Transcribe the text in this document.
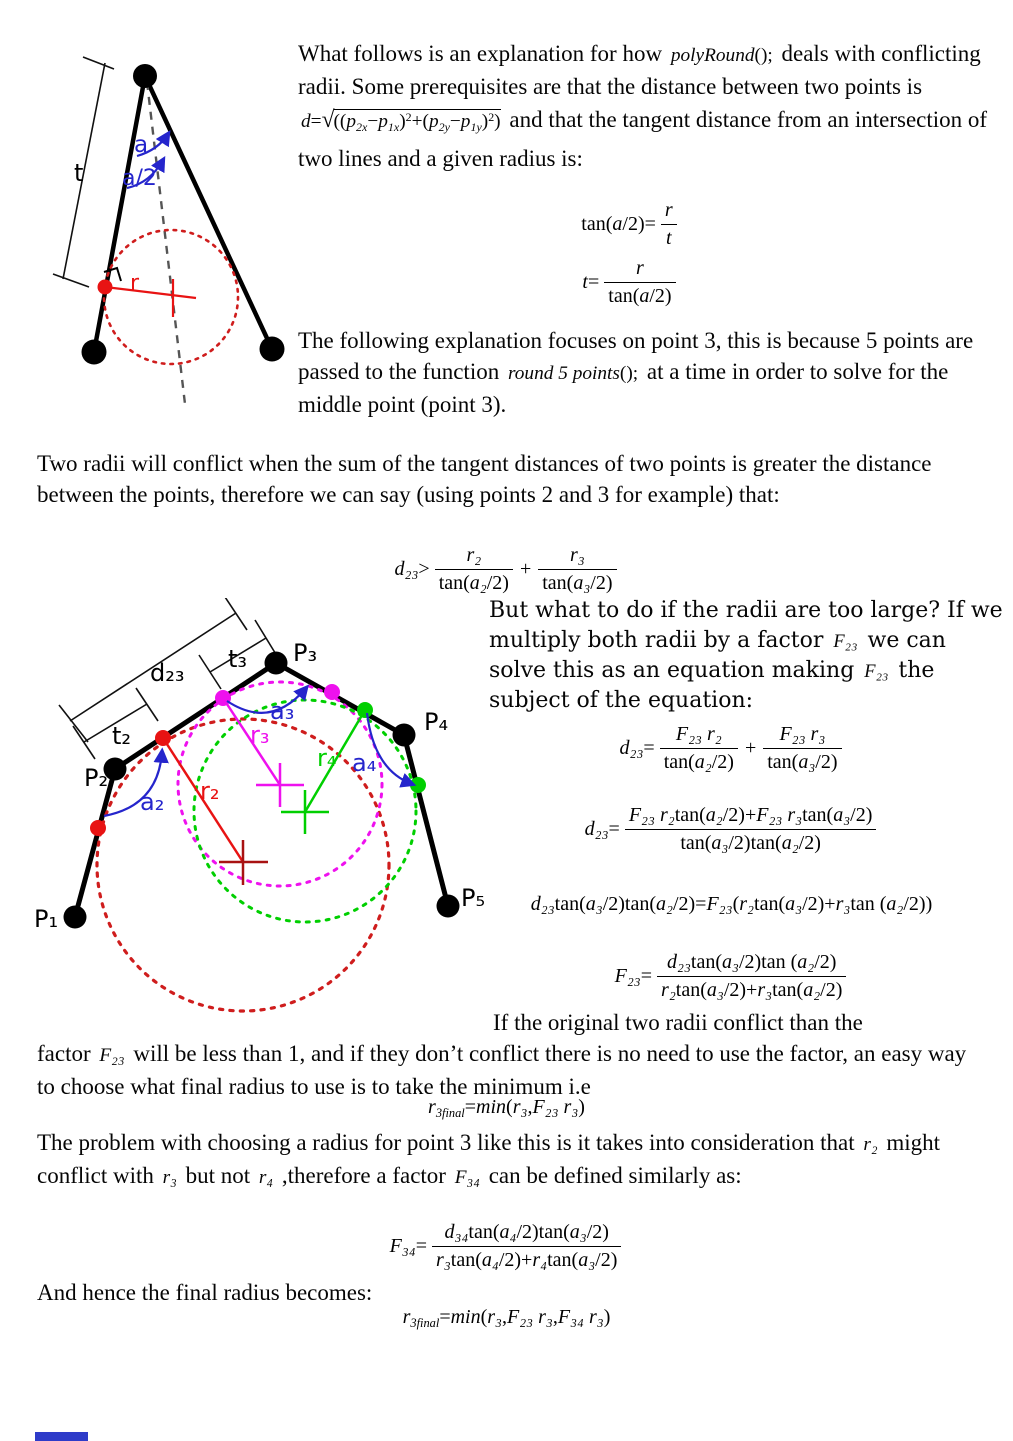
t
a
a/2
r

What follows is an explanation for how polyRound(); deals with conflicting radii. Some prerequisites are that the distance between two points is $d=√((p2x-p1x)^2+(p2y-p1y)^2)$ and that the tangent distance from an intersection of two lines and a given radius is:

$\tan(a/2)= \frac{r}{t}$
$t= \frac{r}{\tan(a/2)}$

The following explanation focuses on point 3, this is because 5 points are passed to the function round 5 points(); at a time in order to solve for the middle point (point 3).

Two radii will conflict when the sum of the tangent distances of two points is greater the distance between the points, therefore we can say (using points 2 and 3 for example) that:

$d_{23}> \frac{\text{r₂}}{\text{tan(a₂/2)}} + \frac{\text{r₃}}{\text{tan(a₃/2)}}$
d₂₃ t₃
t₂
P₁
P₂
P₃
P₄
P₅
a₂
a₃
a₄
r₂
r₃
r₄

But what to do if the radii are too large? If we multiply both radii by a factor F₂₃ we can solve this as an equation making F₂₃ the subject of the equation:

$d_{23}= \frac{\text{F₂₃ r₂}}{\text{tan(a₂/2)}} + \frac{\text{F₂₃ r₃}}{\text{tan(a₃/2)}}$
$d_{23}= \frac{\text{F₂₃ r₂tan(a₂/2)+F₂₃ r₃tan(a₃/2)}}{\text{tan(a₃/2)tan(a₂/2)}}$
d₂₃tan(a₃/2)tan(a₂/2)=F₂₃(r₂tan(a₃/2)+r₃tan (a₂/2))
$F_{23}= \frac{\text{d₂₃tan(a₃/2)tan (a₂/2)}}{\text{r₂tan(a₃/2)+r₃tan(a₂/2)}}$

If the original two radii conflict than the

factor F₂₃ will be less than 1, and if they don’t conflict there is no need to use the factor, an easy way to choose what final radius to use is to take the minimum i.e

r3final=min(r₃,F₂₃ r₃)

The problem with choosing a radius for point 3 like this is it takes into consideration that r₂ might conflict with r₃ but not r₄ ,therefore a factor F₃₄ can be defined similarly as:

$F_{34}= \frac{\text{d₃₄tan(a₄/2)tan(a₃/2)}}{\text{r₃tan(a₄/2)+r₄tan(a₃/2)}}$

And hence the final radius becomes:

r3final=min(r₃,F₂₃ r₃,F₃₄ r₃)
